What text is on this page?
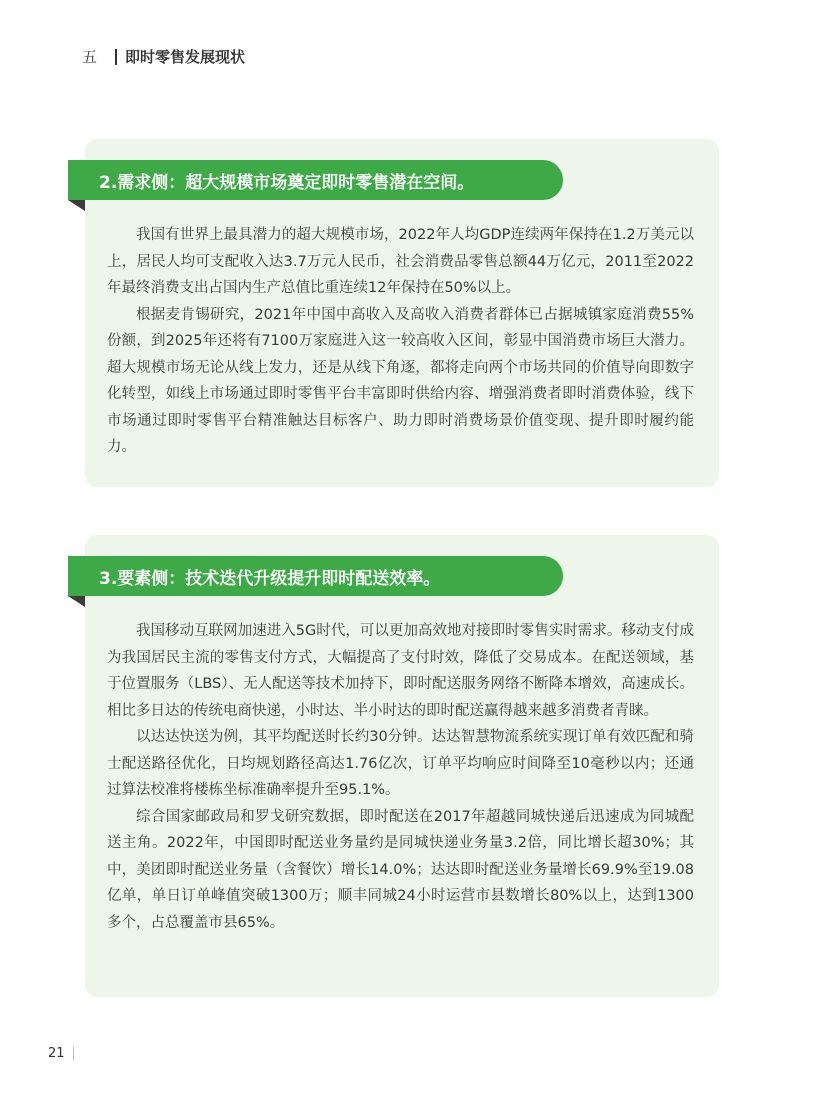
五 即时零售发展现状
2.需求侧：超大规模市场奠定即时零售潜在空间。

我国有世界上最具潜力的超大规模市场，2022年人均GDP连续两年保持在1.2万美元以上，居民人均可支配收入达3.7万元人民币，社会消费品零售总额44万亿元，2011至2022年最终消费支出占国内生产总值比重连续12年保持在50%以上。

根据麦肯锡研究，2021年中国中高收入及高收入消费者群体已占据城镇家庭消费55%份额，到2025年还将有7100万家庭进入这一较高收入区间，彰显中国消费市场巨大潜力。超大规模市场无论从线上发力，还是从线下角逐，都将走向两个市场共同的价值导向即数字化转型，如线上市场通过即时零售平台丰富即时供给内容、增强消费者即时消费体验，线下市场通过即时零售平台精准触达目标客户、助力即时消费场景价值变现、提升即时履约能力。

3.要素侧：技术迭代升级提升即时配送效率。

我国移动互联网加速进入5G时代，可以更加高效地对接即时零售实时需求。移动支付成为我国居民主流的零售支付方式，大幅提高了支付时效，降低了交易成本。在配送领域，基于位置服务（LBS）、无人配送等技术加持下，即时配送服务网络不断降本增效，高速成长。相比多日达的传统电商快递，小时达、半小时达的即时配送赢得越来越多消费者青睐。

以达达快送为例，其平均配送时长约30分钟。达达智慧物流系统实现订单有效匹配和骑士配送路径优化，日均规划路径高达1.76亿次，订单平均响应时间降至10毫秒以内；还通过算法校准将楼栋坐标准确率提升至95.1%。

综合国家邮政局和罗戈研究数据，即时配送在2017年超越同城快递后迅速成为同城配送主角。2022年，中国即时配送业务量约是同城快递业务量3.2倍，同比增长超30%；其中，美团即时配送业务量（含餐饮）增长14.0%；达达即时配送业务量增长69.9%至19.08亿单，单日订单峰值突破1300万；顺丰同城24小时运营市县数增长80%以上，达到1300多个，占总覆盖市县65%。

21
